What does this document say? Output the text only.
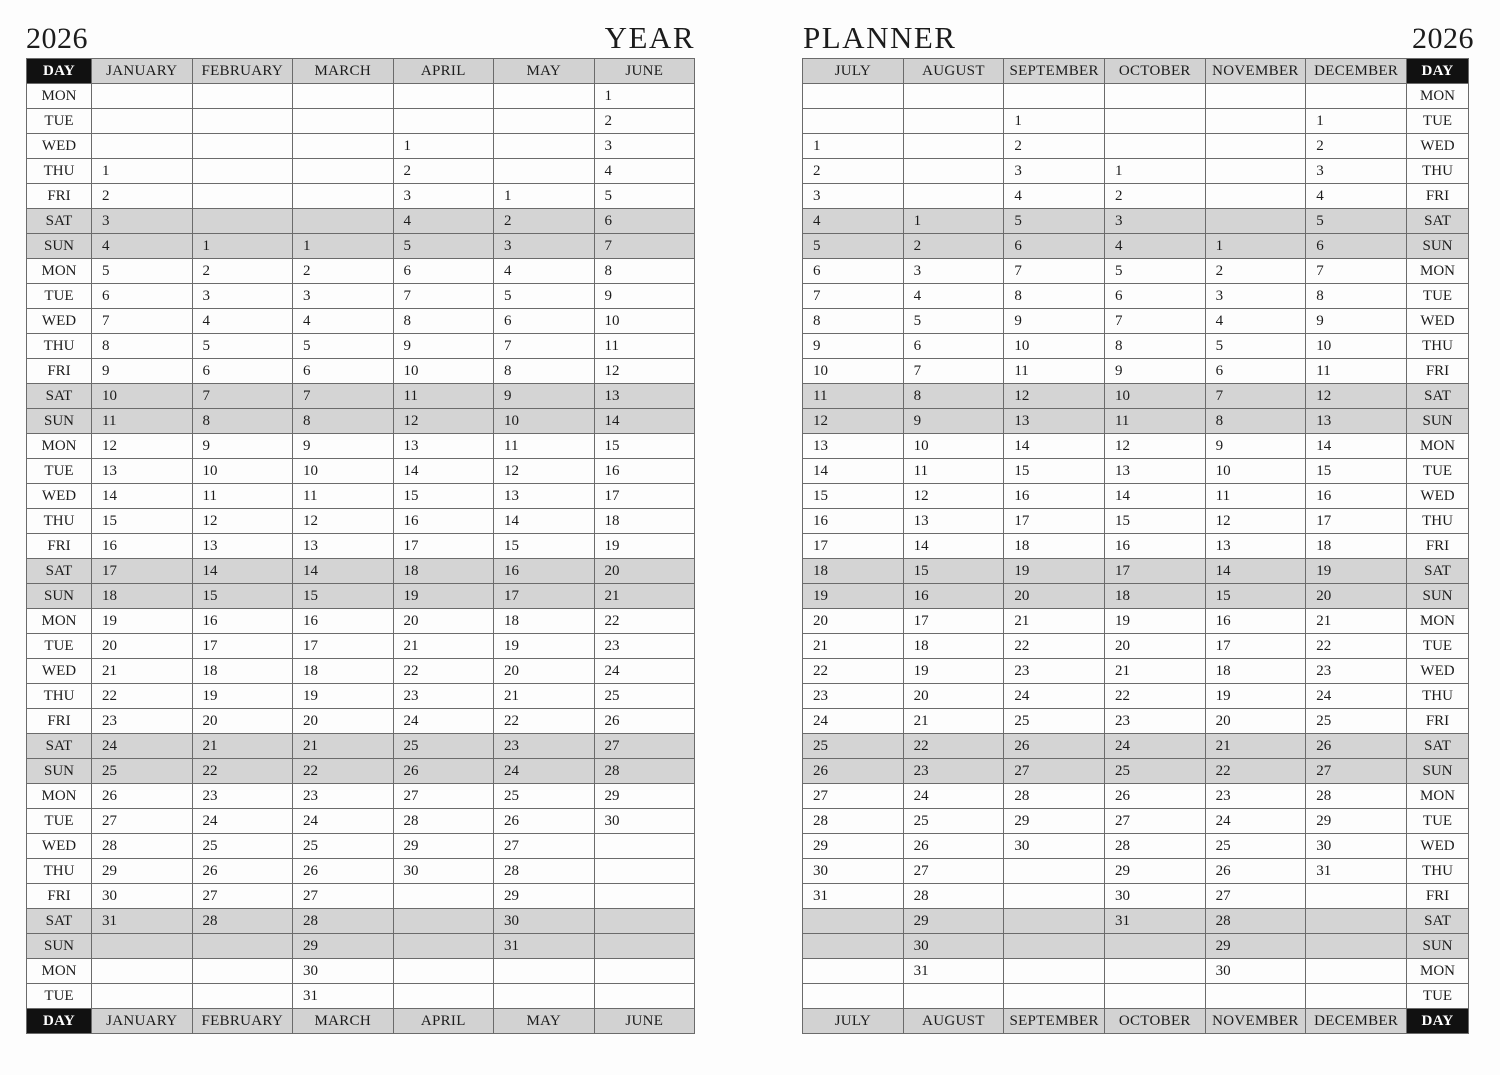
2026	YEAR
DAY	JANUARY	FEBRUARY	MARCH	APRIL	MAY	JUNE
MON						1
TUE						2
WED				1		3
THU	1			2		4
FRI	2			3	1	5
SAT	3			4	2	6
SUN	4	1	1	5	3	7
MON	5	2	2	6	4	8
TUE	6	3	3	7	5	9
WED	7	4	4	8	6	10
THU	8	5	5	9	7	11
FRI	9	6	6	10	8	12
SAT	10	7	7	11	9	13
SUN	11	8	8	12	10	14
MON	12	9	9	13	11	15
TUE	13	10	10	14	12	16
WED	14	11	11	15	13	17
THU	15	12	12	16	14	18
FRI	16	13	13	17	15	19
SAT	17	14	14	18	16	20
SUN	18	15	15	19	17	21
MON	19	16	16	20	18	22
TUE	20	17	17	21	19	23
WED	21	18	18	22	20	24
THU	22	19	19	23	21	25
FRI	23	20	20	24	22	26
SAT	24	21	21	25	23	27
SUN	25	22	22	26	24	28
MON	26	23	23	27	25	29
TUE	27	24	24	28	26	30
WED	28	25	25	29	27	
THU	29	26	26	30	28	
FRI	30	27	27		29	
SAT	31	28	28		30	
SUN			29		31	
MON			30			
TUE			31			
DAY	JANUARY	FEBRUARY	MARCH	APRIL	MAY	JUNE
PLANNER	2026
JULY	AUGUST	SEPTEMBER	OCTOBER	NOVEMBER	DECEMBER	DAY
						MON
		1			1	TUE
1		2			2	WED
2		3	1		3	THU
3		4	2		4	FRI
4	1	5	3		5	SAT
5	2	6	4	1	6	SUN
6	3	7	5	2	7	MON
7	4	8	6	3	8	TUE
8	5	9	7	4	9	WED
9	6	10	8	5	10	THU
10	7	11	9	6	11	FRI
11	8	12	10	7	12	SAT
12	9	13	11	8	13	SUN
13	10	14	12	9	14	MON
14	11	15	13	10	15	TUE
15	12	16	14	11	16	WED
16	13	17	15	12	17	THU
17	14	18	16	13	18	FRI
18	15	19	17	14	19	SAT
19	16	20	18	15	20	SUN
20	17	21	19	16	21	MON
21	18	22	20	17	22	TUE
22	19	23	21	18	23	WED
23	20	24	22	19	24	THU
24	21	25	23	20	25	FRI
25	22	26	24	21	26	SAT
26	23	27	25	22	27	SUN
27	24	28	26	23	28	MON
28	25	29	27	24	29	TUE
29	26	30	28	25	30	WED
30	27		29	26	31	THU
31	28		30	27		FRI
	29		31	28		SAT
	30			29		SUN
	31			30		MON
						TUE
JULY	AUGUST	SEPTEMBER	OCTOBER	NOVEMBER	DECEMBER	DAY
